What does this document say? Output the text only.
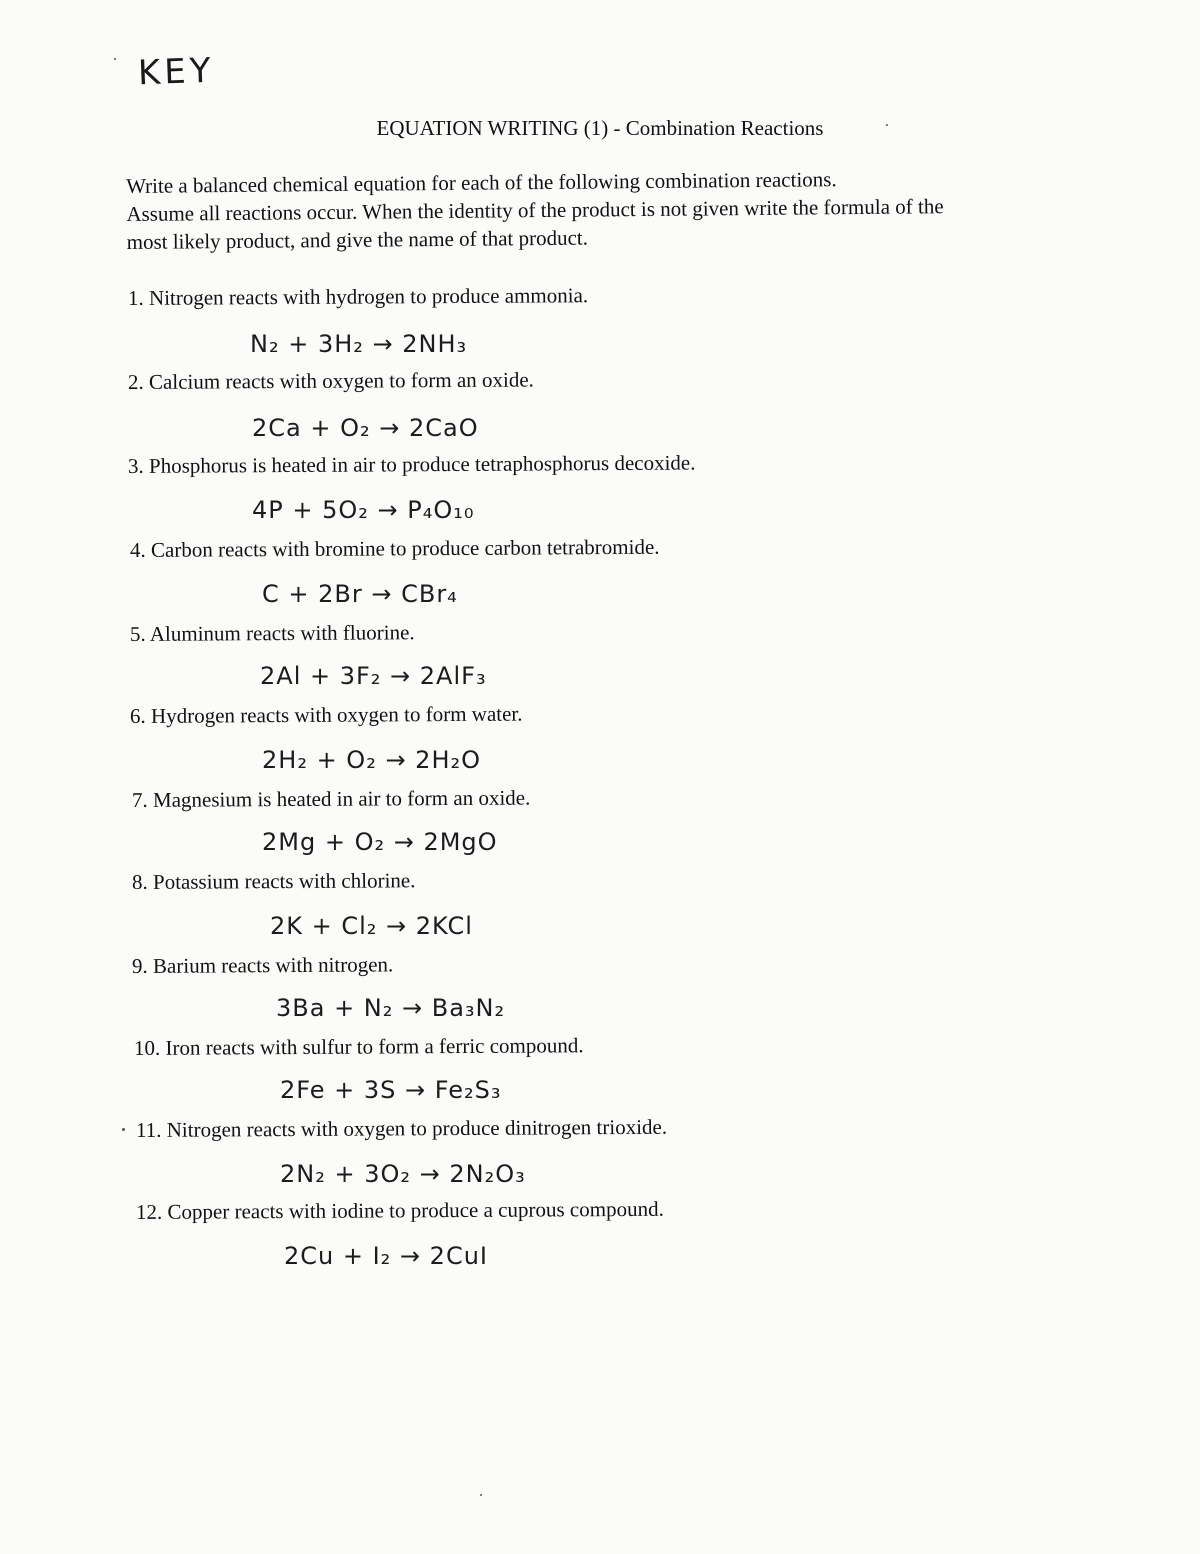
KEY
EQUATION WRITING (1) - Combination Reactions

Write a balanced chemical equation for each of the following combination reactions.

Assume all reactions occur. When the identity of the product is not given write the formula of the

most likely product, and give the name of that product.

1. Nitrogen reacts with hydrogen to produce ammonia.
N₂ + 3H₂ → 2NH₃
2. Calcium reacts with oxygen to form an oxide.
2Ca + O₂ → 2CaO
3. Phosphorus is heated in air to produce tetraphosphorus decoxide.
4P + 5O₂ → P₄O₁₀
4. Carbon reacts with bromine to produce carbon tetrabromide.
C + 2Br → CBr₄
5. Aluminum reacts with fluorine.
2Al + 3F₂ → 2AlF₃
6. Hydrogen reacts with oxygen to form water.
2H₂ + O₂ → 2H₂O
7. Magnesium is heated in air to form an oxide.
2Mg + O₂ → 2MgO
8. Potassium reacts with chlorine.
2K + Cl₂ → 2KCl
9. Barium reacts with nitrogen.
3Ba + N₂ → Ba₃N₂
10. Iron reacts with sulfur to form a ferric compound.
2Fe + 3S → Fe₂S₃
11. Nitrogen reacts with oxygen to produce dinitrogen trioxide.
2N₂ + 3O₂ → 2N₂O₃
12. Copper reacts with iodine to produce a cuprous compound.
2Cu + I₂ → 2CuI
